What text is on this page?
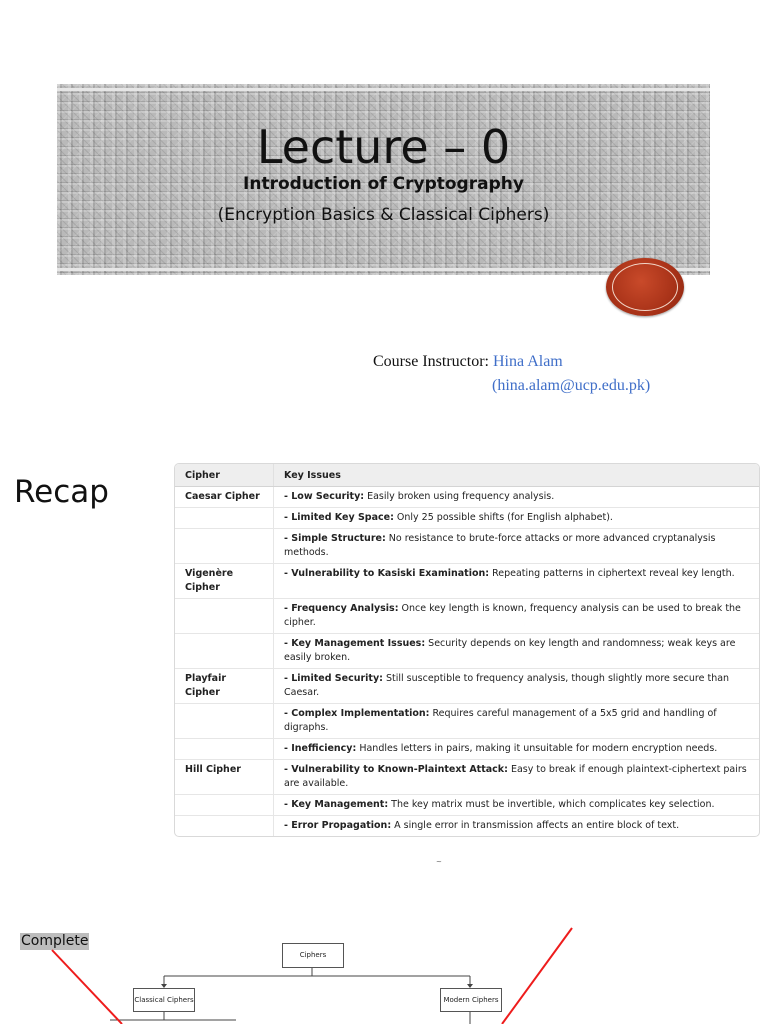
Lecture – 0
Introduction of Cryptography
(Encryption Basics & Classical Ciphers)
Course Instructor: Hina Alam
(hina.alam@ucp.edu.pk)
Recap	Cipher	Key Issues
Caesar Cipher	- Low Security: Easily broken using frequency analysis.
	- Limited Key Space: Only 25 possible shifts (for English alphabet).
	- Simple Structure: No resistance to brute-force attacks or more advanced cryptanalysis methods.
Vigenère Cipher	- Vulnerability to Kasiski Examination: Repeating patterns in ciphertext reveal key length.
	- Frequency Analysis: Once key length is known, frequency analysis can be used to break the cipher.
	- Key Management Issues: Security depends on key length and randomness; weak keys are easily broken.
Playfair Cipher	- Limited Security: Still susceptible to frequency analysis, though slightly more secure than Caesar.
	- Complex Implementation: Requires careful management of a 5x5 grid and handling of digraphs.
	- Inefficiency: Handles letters in pairs, making it unsuitable for modern encryption needs.
Hill Cipher	- Vulnerability to Known-Plaintext Attack: Easy to break if enough plaintext-ciphertext pairs are available.
	- Key Management: The key matrix must be invertible, which complicates key selection.
	- Error Propagation: A single error in transmission affects an entire block of text.
~
Complete
Ciphers
Classical Ciphers	Modern Ciphers
